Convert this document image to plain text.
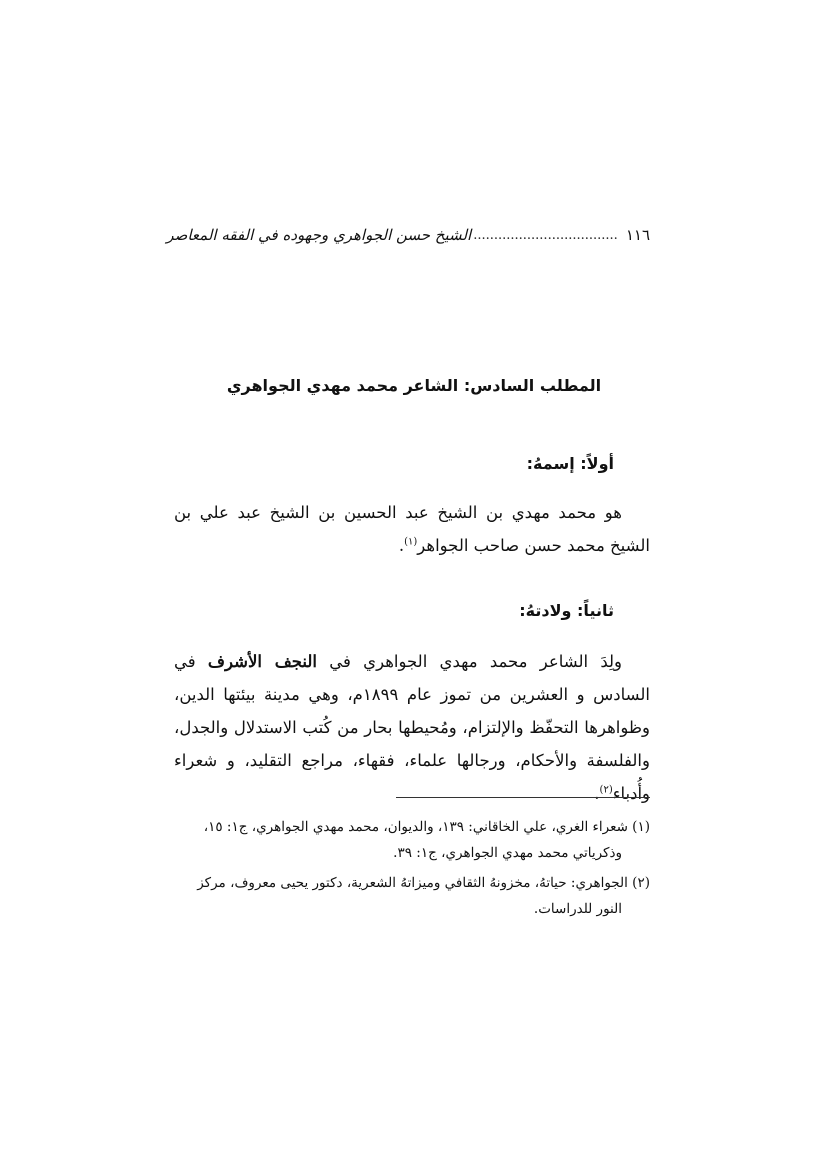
١١٦
...................................
الشيخ حسن الجواهري وجهوده في الفقه المعاصر
المطلب السادس: الشاعر محمد مهدي الجواهري
أولاً: إسمهُ:
هو محمد مهدي بن الشيخ عبد الحسين بن الشيخ عبد علي بن الشيخ محمد حسن صاحب الجواهر$^{(١)}$.
ثانياً: ولادتهُ:
ولِدَ الشاعر محمد مهدي الجواهري في النجف الأشرف في السادس و العشرين من تموز عام ١٨٩٩م، وهي مدينة بيئتها الدين، وظواهرها التحفّظ والإلتزام، ومُحيطها بحار من كُتب الاستدلال والجدل، والفلسفة والأحكام، ورجالها علماء، فقهاء، مراجع التقليد، و شعراء وأُدباء$^{(٢)}$.

(١) شعراء الغري، علي الخاقاني: ١٣٩، والديوان، محمد مهدي الجواهري، ج١: ١٥، وذكرياتي محمد مهدي الجواهري، ج١: ٣٩.

(٢) الجواهري: حياتهُ، مخزونهُ الثقافي وميزاتهُ الشعرية، دكتور يحيى معروف، مركز النور للدراسات.
